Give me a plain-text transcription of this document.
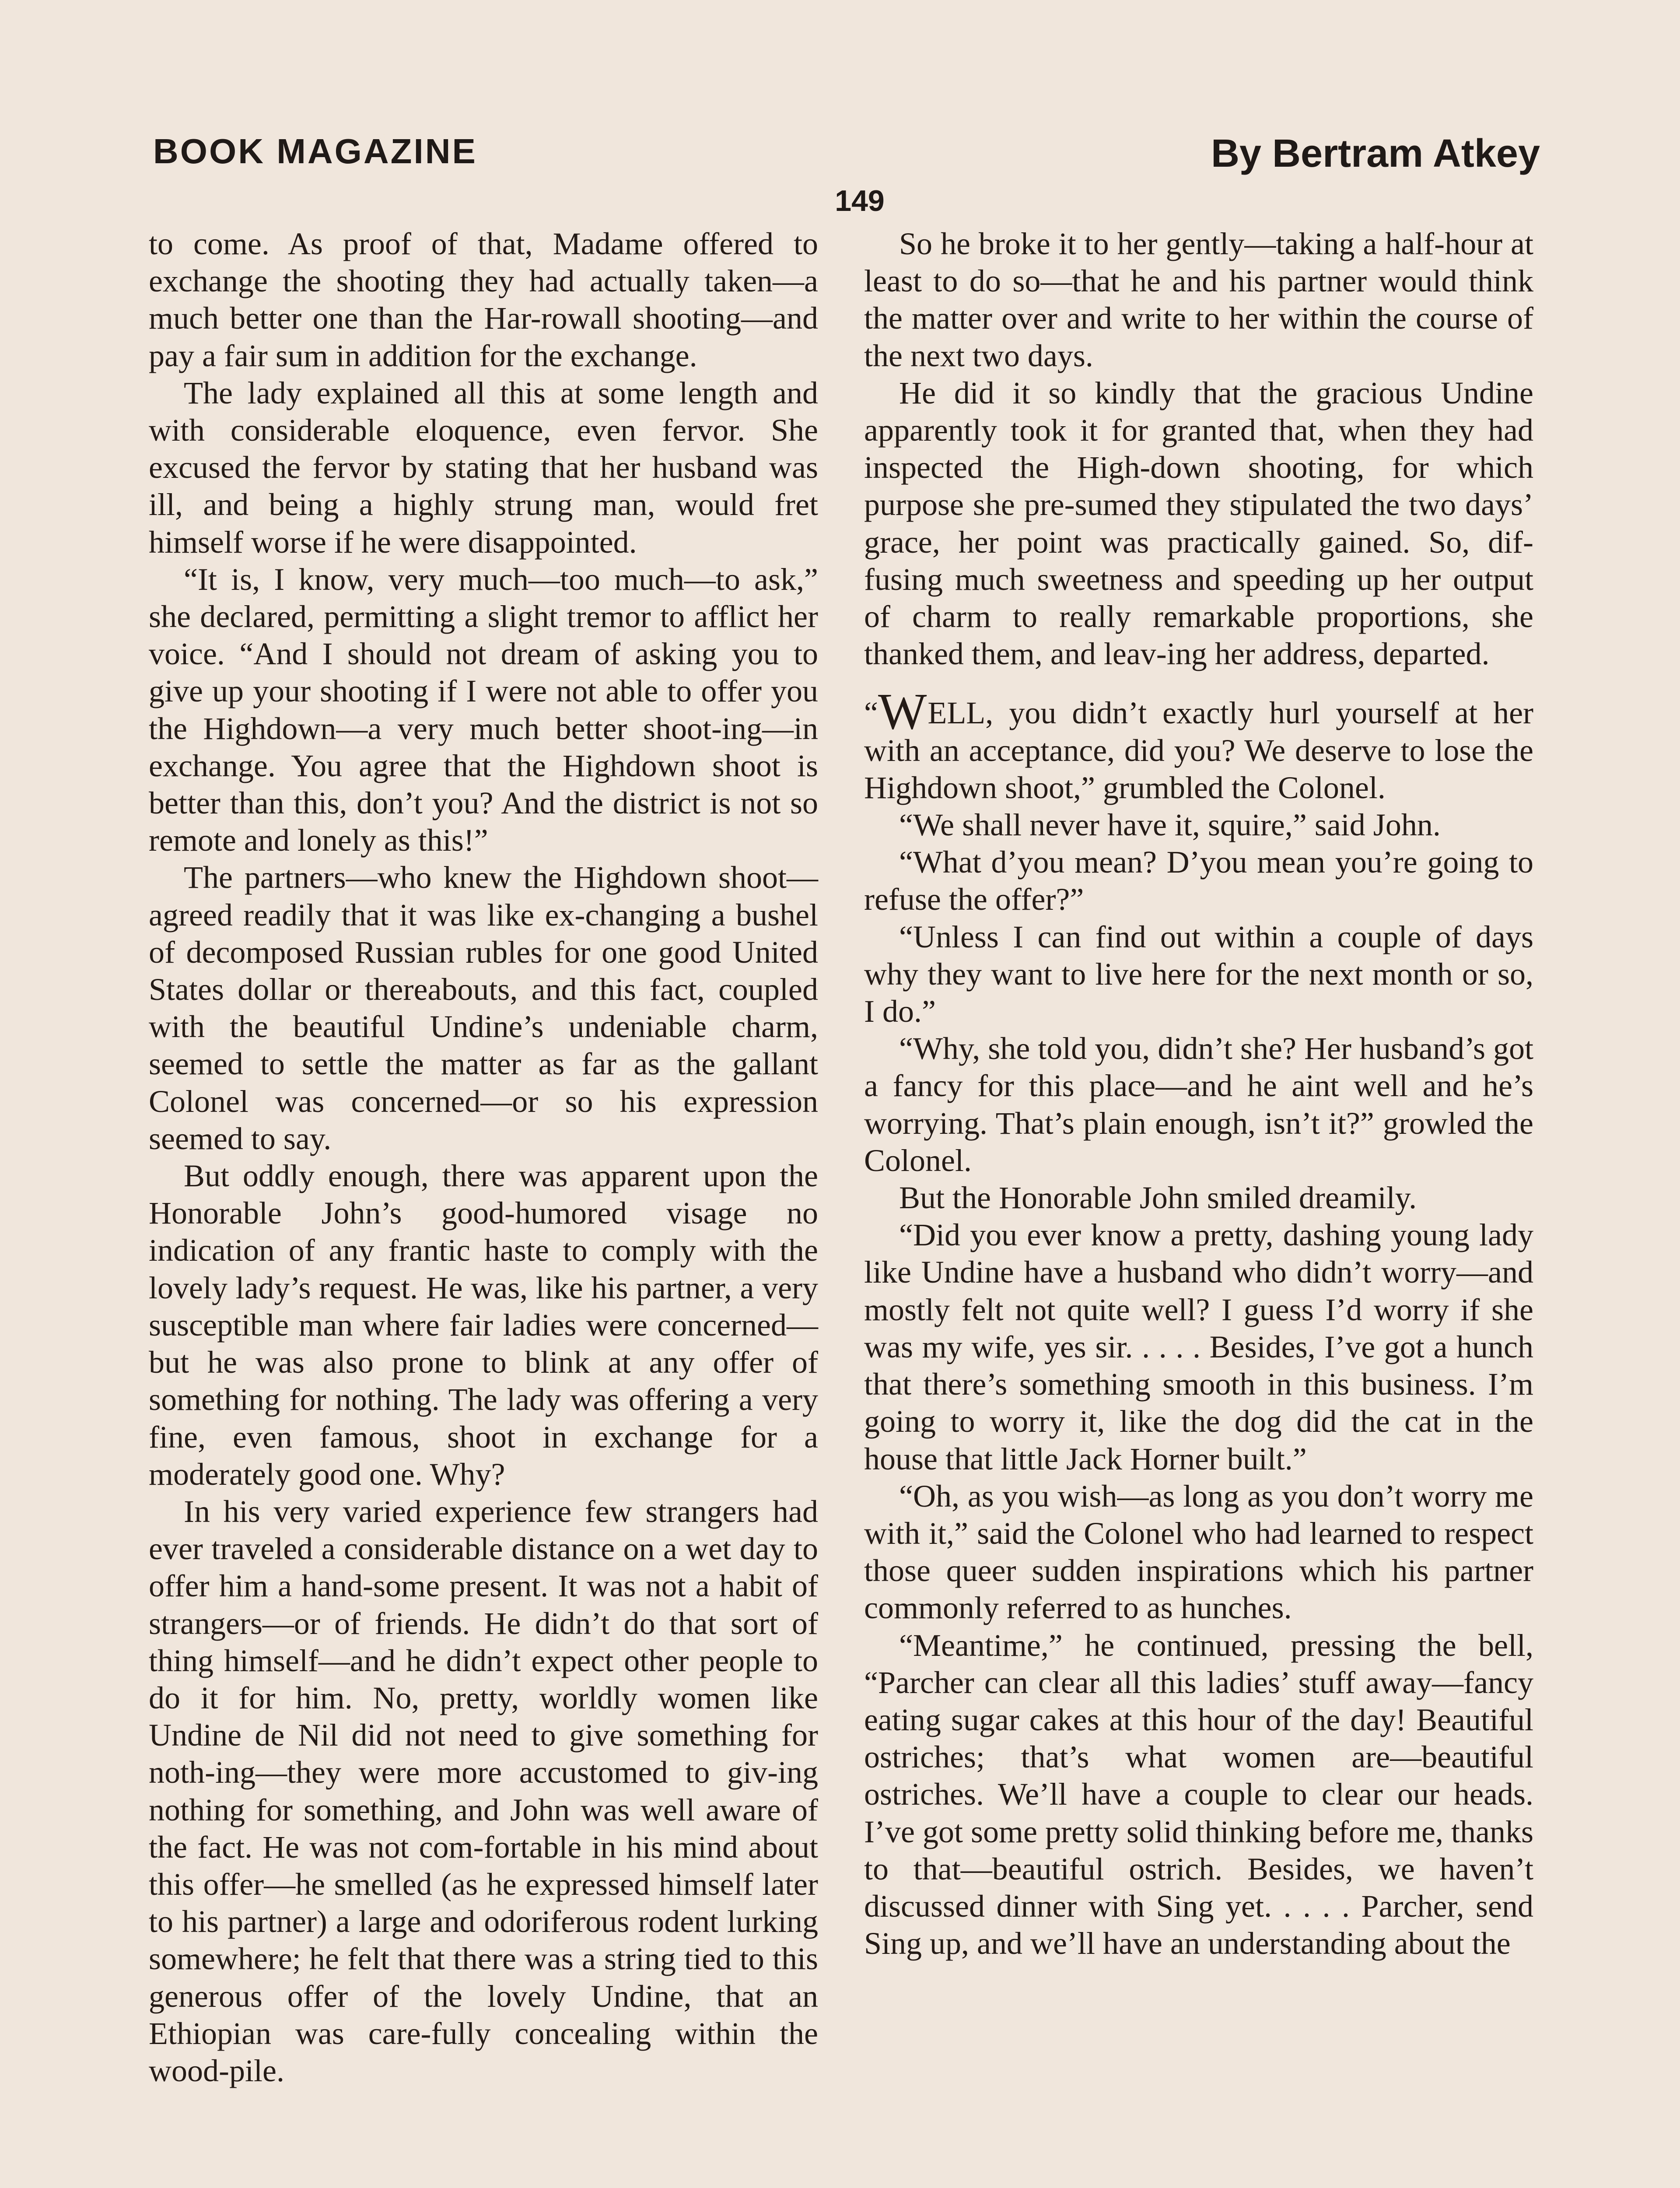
BOOK MAGAZINE	By Bertram Atkey
149

to come. As proof of that, Madame offered to exchange the shooting they had actually taken—a much better one than the Har-rowall shooting—and pay a fair sum in addition for the exchange.

The lady explained all this at some length and with considerable eloquence, even fervor. She excused the fervor by stating that her husband was ill, and being a highly strung man, would fret himself worse if he were disappointed.

“It is, I know, very much—too much—to ask,” she declared, permitting a slight tremor to afflict her voice. “And I should not dream of asking you to give up your shooting if I were not able to offer you the Highdown—a very much better shoot-ing—in exchange. You agree that the Highdown shoot is better than this, don’t you? And the district is not so remote and lonely as this!”

The partners—who knew the Highdown shoot—agreed readily that it was like ex-changing a bushel of decomposed Russian rubles for one good United States dollar or thereabouts, and this fact, coupled with the beautiful Undine’s undeniable charm, seemed to settle the matter as far as the gallant Colonel was concerned—or so his expression seemed to say.

But oddly enough, there was apparent upon the Honorable John’s good-humored visage no indication of any frantic haste to comply with the lovely lady’s request. He was, like his partner, a very susceptible man where fair ladies were concerned—but he was also prone to blink at any offer of something for nothing. The lady was offering a very fine, even famous, shoot in exchange for a moderately good one. Why?

In his very varied experience few strangers had ever traveled a considerable distance on a wet day to offer him a hand-some present. It was not a habit of strangers—or of friends. He didn’t do that sort of thing himself—and he didn’t expect other people to do it for him. No, pretty, worldly women like Undine de Nil did not need to give something for noth-ing—they were more accustomed to giv-ing nothing for something, and John was well aware of the fact. He was not com-fortable in his mind about this offer—he smelled (as he expressed himself later to his partner) a large and odoriferous rodent lurking somewhere; he felt that there was a string tied to this generous offer of the lovely Undine, that an Ethiopian was care-fully concealing within the wood-pile.

So he broke it to her gently—taking a half-hour at least to do so—that he and his partner would think the matter over and write to her within the course of the next two days.

He did it so kindly that the gracious Undine apparently took it for granted that, when they had inspected the High-down shooting, for which purpose she pre-sumed they stipulated the two days’ grace, her point was practically gained. So, dif-fusing much sweetness and speeding up her output of charm to really remarkable proportions, she thanked them, and leav-ing her address, departed.

“WELL, you didn’t exactly hurl yourself at her with an acceptance, did you? We deserve to lose the Highdown shoot,” grumbled the Colonel.

“We shall never have it, squire,” said John.

“What d’you mean? D’you mean you’re going to refuse the offer?”

“Unless I can find out within a couple of days why they want to live here for the next month or so, I do.”

“Why, she told you, didn’t she? Her husband’s got a fancy for this place—and he aint well and he’s worrying. That’s plain enough, isn’t it?” growled the Colonel.

But the Honorable John smiled dreamily.

“Did you ever know a pretty, dashing young lady like Undine have a husband who didn’t worry—and mostly felt not quite well? I guess I’d worry if she was my wife, yes sir. . . . . Besides, I’ve got a hunch that there’s something smooth in this business. I’m going to worry it, like the dog did the cat in the house that little Jack Horner built.”

“Oh, as you wish—as long as you don’t worry me with it,” said the Colonel who had learned to respect those queer sudden inspirations which his partner commonly referred to as hunches.

“Meantime,” he continued, pressing the bell, “Parcher can clear all this ladies’ stuff away—fancy eating sugar cakes at this hour of the day! Beautiful ostriches; that’s what women are—beautiful ostriches. We’ll have a couple to clear our heads. I’ve got some pretty solid thinking before me, thanks to that—beautiful ostrich. Besides, we haven’t discussed dinner with Sing yet. . . . . Parcher, send Sing up, and we’ll have an understanding about the
